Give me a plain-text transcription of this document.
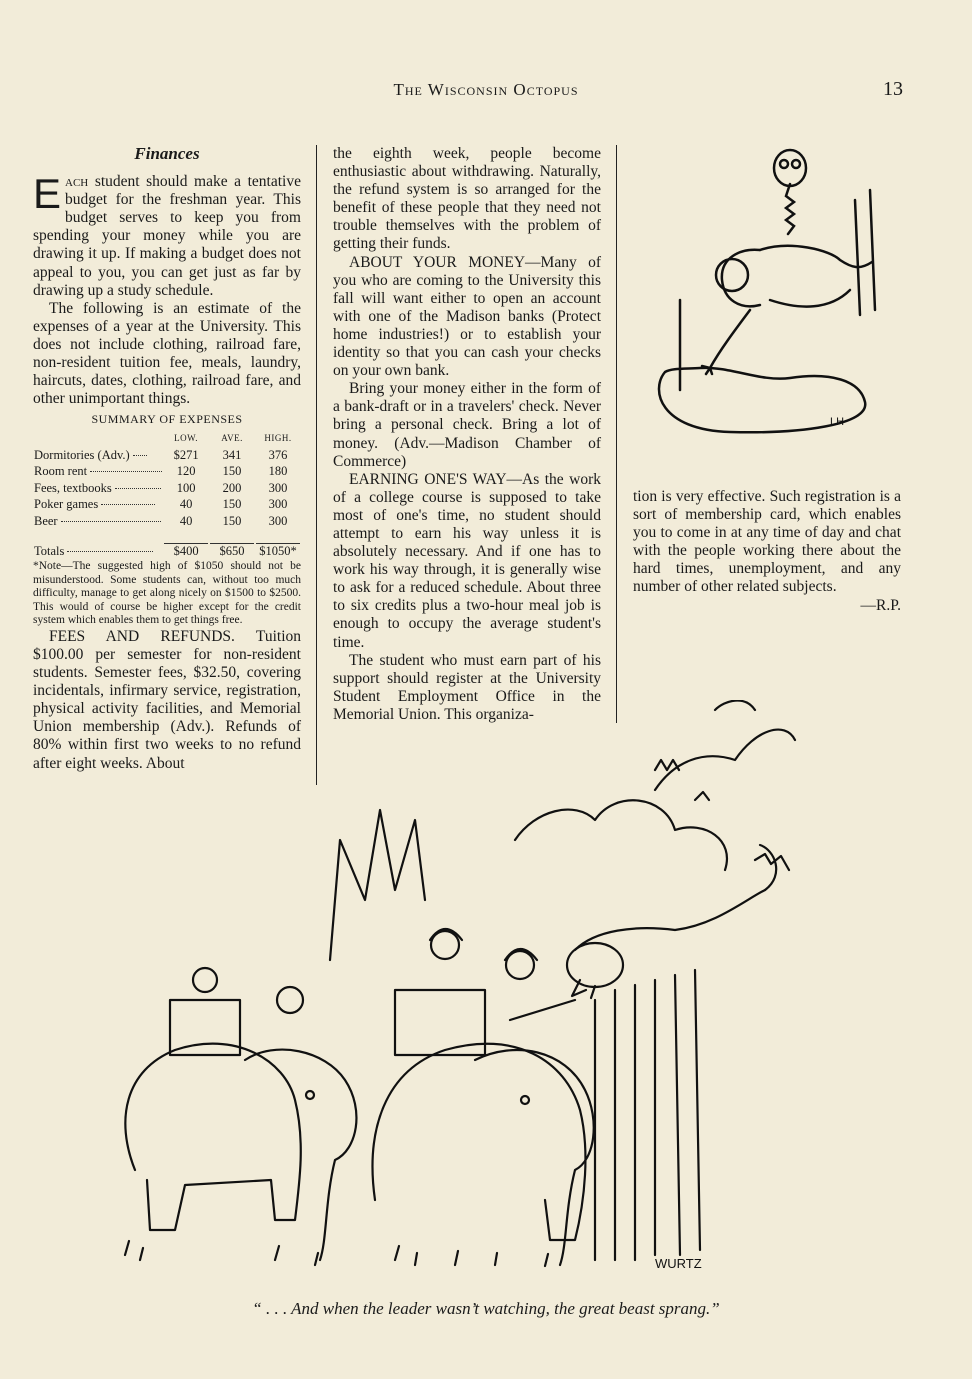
The Wisconsin Octopus	13
Finances

Each student should make a tentative budget for the freshman year. This budget serves to keep you from spending your money while you are drawing it up. If making a budget does not appeal to you, you can get just as far by drawing up a study schedule.

The following is an estimate of the expenses of a year at the University. This does not include clothing, railroad fare, non-resident tuition fee, meals, laundry, haircuts, dates, clothing, railroad fare, and other unimportant things.

SUMMARY OF EXPENSES
	LOW.	AVE.	HIGH.
Dormitories (Adv.)	$271	341	376
Room rent	120	150	180
Fees, textbooks	100	200	300
Poker games	40	150	300
Beer	40	150	300
Totals	$400	$650	$1050*

*Note—The suggested high of $1050 should not be misunderstood. Some students can, without too much difficulty, manage to get along nicely on $1500 to $2500. This would of course be higher except for the credit system which enables them to get things free.

FEES AND REFUNDS. Tuition $100.00 per semester for non-resident students. Semester fees, $32.50, covering incidentals, infirmary service, registration, physical activity facilities, and Memorial Union membership (Adv.). Refunds of 80% within first two weeks to no refund after eight weeks. About

the eighth week, people become enthusiastic about withdrawing. Naturally, the refund system is so arranged for the benefit of these people that they need not trouble themselves with the problem of getting their funds.

ABOUT YOUR MONEY—Many of you who are coming to the University this fall will want either to open an account with one of the Madison banks (Protect home industries!) or to establish your identity so that you can cash your checks on your own bank.

Bring your money either in the form of a bank-draft or in a travelers' check. Never bring a personal check. Bring a lot of money. (Adv.—Madison Chamber of Commerce)

EARNING ONE'S WAY—As the work of a college course is supposed to take most of one's time, no student should attempt to earn his way unless it is absolutely necessary. And if one has to work his way through, it is generally wise to ask for a reduced schedule. About three to six credits plus a two-hour meal job is enough to occupy the average student's time.

The student who must earn part of his support should register at the University Student Employment Office in the Memorial Union. This organiza-

LH

tion is very effective. Such registration is a sort of membership card, which enables you to come in at any time of day and chat with the people working there about the hard times, unemployment, and any number of other related subjects.

—R.P.
WURTZ
“ . . . And when the leader wasn’t watching, the great beast sprang.”
